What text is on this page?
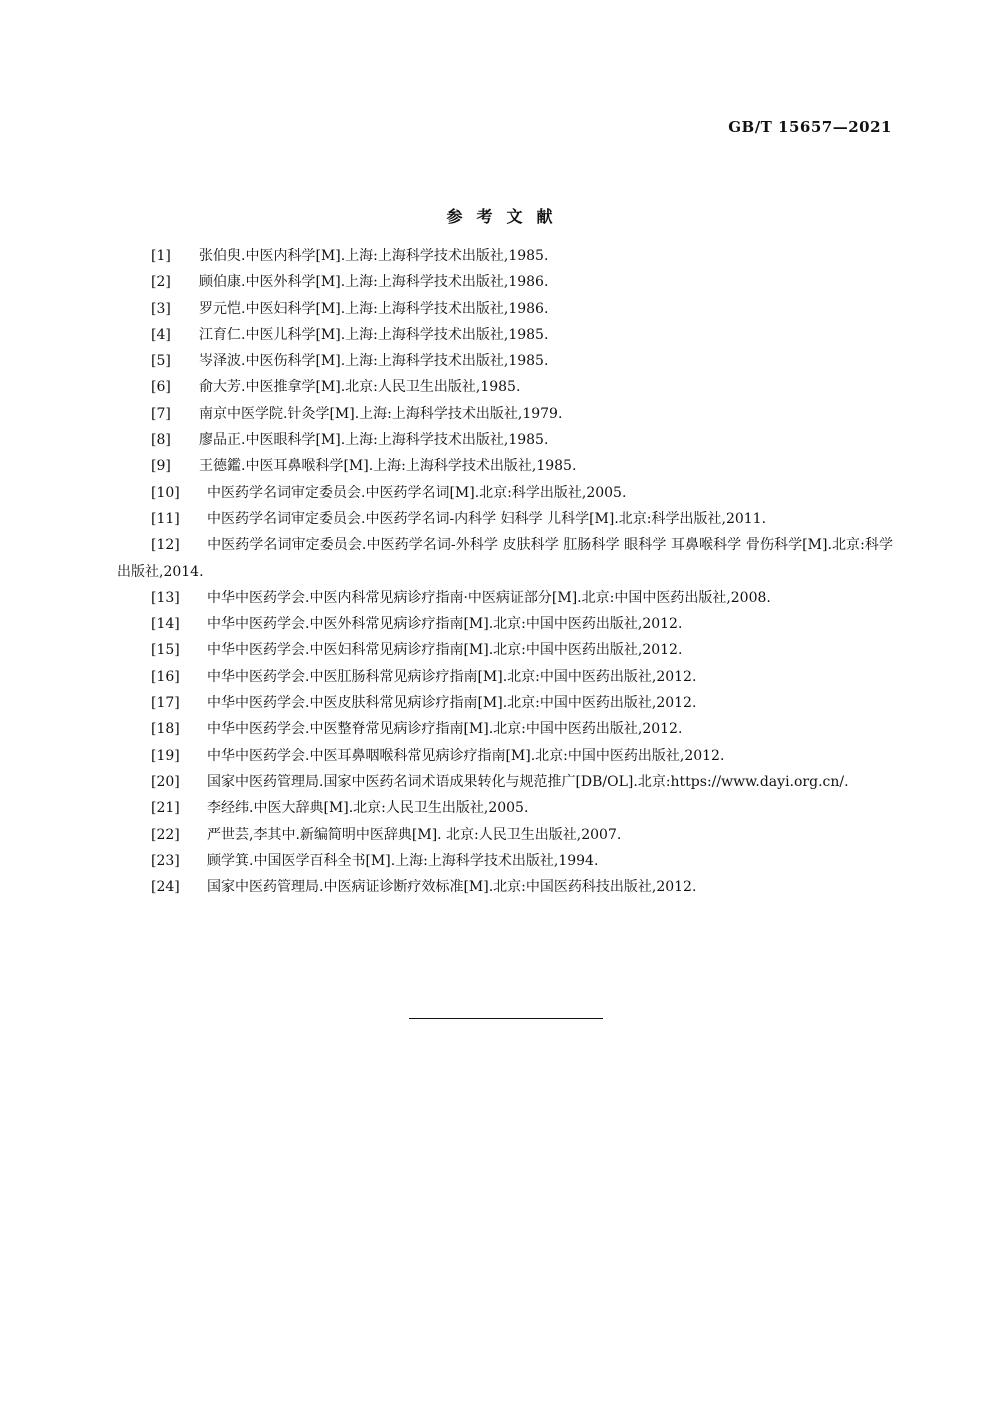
GB/T 15657—2021
参考文献
[1] 张伯臾.中医内科学[M].上海:上海科学技术出版社,1985.
[2] 顾伯康.中医外科学[M].上海:上海科学技术出版社,1986.
[3] 罗元恺.中医妇科学[M].上海:上海科学技术出版社,1986.
[4] 江育仁.中医儿科学[M].上海:上海科学技术出版社,1985.
[5] 岑泽波.中医伤科学[M].上海:上海科学技术出版社,1985.
[6] 俞大芳.中医推拿学[M].北京:人民卫生出版社,1985.
[7] 南京中医学院.针灸学[M].上海:上海科学技术出版社,1979.
[8] 廖品正.中医眼科学[M].上海:上海科学技术出版社,1985.
[9] 王德鑑.中医耳鼻喉科学[M].上海:上海科学技术出版社,1985.
[10] 中医药学名词审定委员会.中医药学名词[M].北京:科学出版社,2005.
[11] 中医药学名词审定委员会.中医药学名词-内科学 妇科学 儿科学[M].北京:科学出版社,2011.
[12] 中医药学名词审定委员会.中医药学名词-外科学 皮肤科学 肛肠科学 眼科学 耳鼻喉科学 骨伤科学[M].北京:科学出版社,2014.
[13] 中华中医药学会.中医内科常见病诊疗指南·中医病证部分[M].北京:中国中医药出版社,2008.
[14] 中华中医药学会.中医外科常见病诊疗指南[M].北京:中国中医药出版社,2012.
[15] 中华中医药学会.中医妇科常见病诊疗指南[M].北京:中国中医药出版社,2012.
[16] 中华中医药学会.中医肛肠科常见病诊疗指南[M].北京:中国中医药出版社,2012.
[17] 中华中医药学会.中医皮肤科常见病诊疗指南[M].北京:中国中医药出版社,2012.
[18] 中华中医药学会.中医整脊常见病诊疗指南[M].北京:中国中医药出版社,2012.
[19] 中华中医药学会.中医耳鼻咽喉科常见病诊疗指南[M].北京:中国中医药出版社,2012.
[20] 国家中医药管理局.国家中医药名词术语成果转化与规范推广[DB/OL].北京:https://www.dayi.org.cn/.
[21] 李经纬.中医大辞典[M].北京:人民卫生出版社,2005.
[22] 严世芸,李其中.新编简明中医辞典[M]. 北京:人民卫生出版社,2007.
[23] 顾学箕.中国医学百科全书[M].上海:上海科学技术出版社,1994.
[24] 国家中医药管理局.中医病证诊断疗效标准[M].北京:中国医药科技出版社,2012.
